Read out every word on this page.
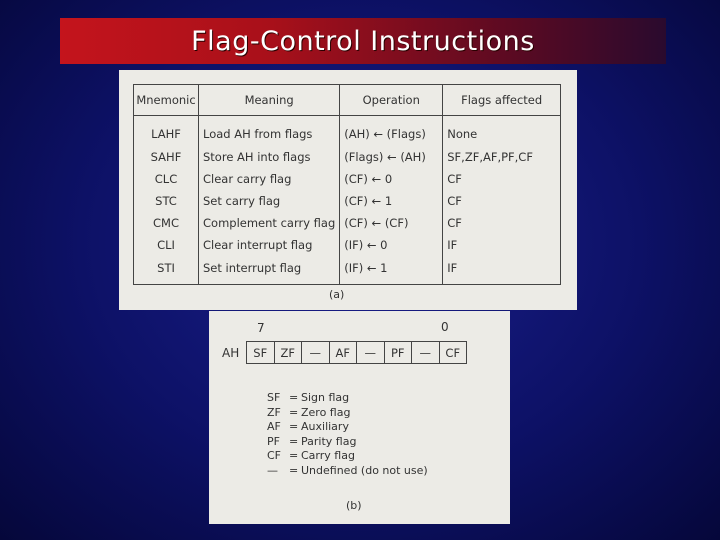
Flag-Control Instructions
Mnemonic	Meaning	Operation	Flags affected
LAHF	Load AH from flags	(AH) ← (Flags)	None
SAHF	Store AH into flags	(Flags) ← (AH)	SF,ZF,AF,PF,CF
CLC	Clear carry flag	(CF) ← 0	CF
STC	Set carry flag	(CF) ← 1	CF
CMC	Complement carry flag	(CF) ← (CF)	CF
CLI	Clear interrupt flag	(IF) ← 0	IF
STI	Set interrupt flag	(IF) ← 1	IF
(a)
7	0
AH	SF	ZF	—	AF	—	PF	—	CF
SF = Sign flag
ZF = Zero flag
AF = Auxiliary
PF = Parity flag
CF = Carry flag
—	= Undefined (do not use)
(b)
